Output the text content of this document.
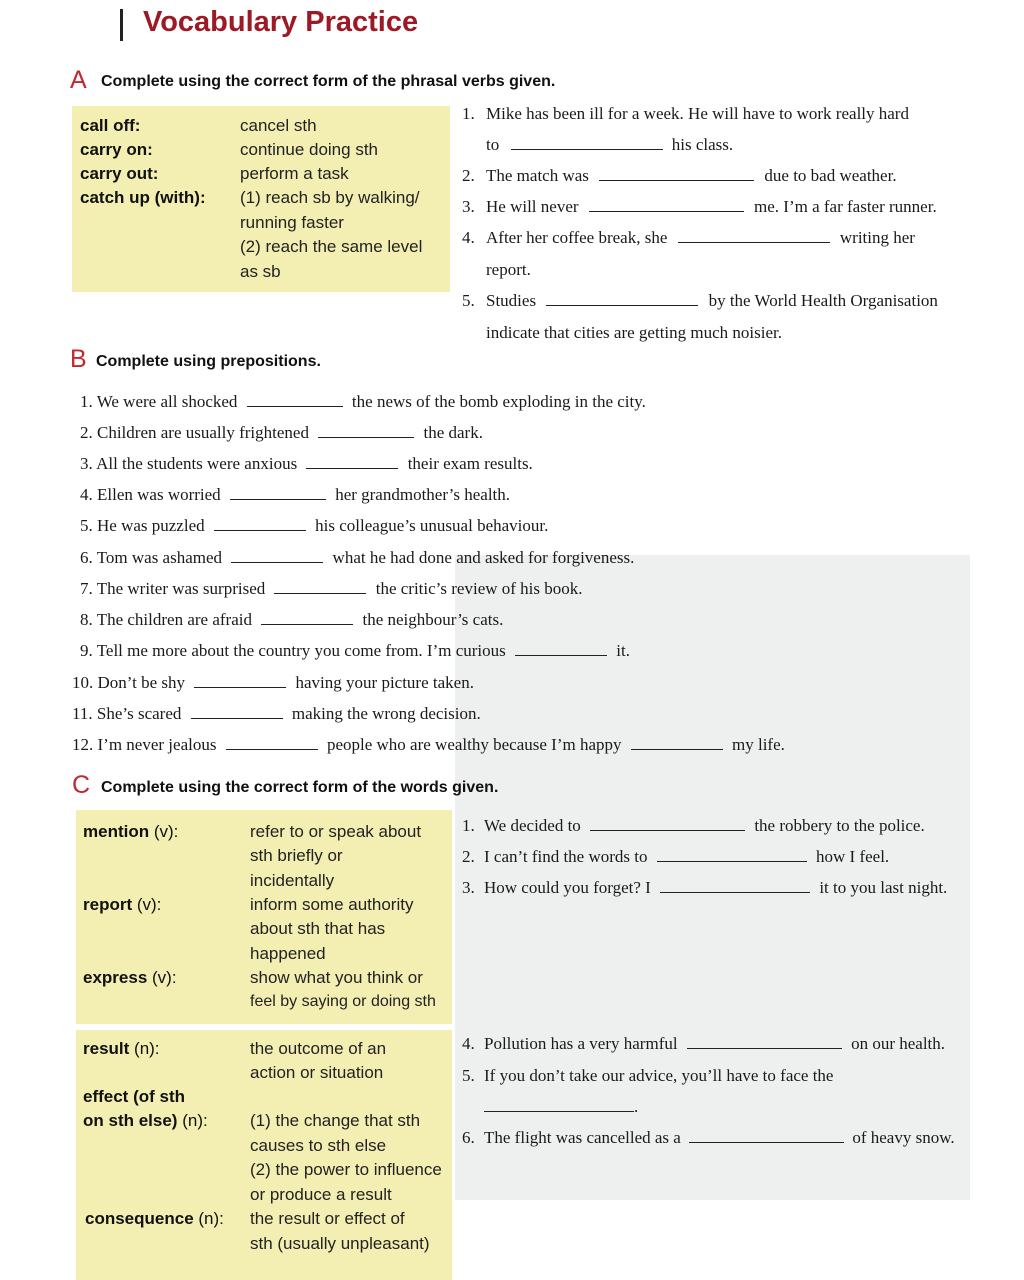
Vocabulary Practice
A Complete using the correct form of the phrasal verbs given.
call off:	cancel sth
carry on:	continue doing sth
carry out:	perform a task
catch up (with): (1) reach sb by walking/
running faster
(2) reach the same level
as sb
1. Mike has been ill for a week. He will have to work really hard
to	his class.
2. The match was	due to bad weather.
3. He will never	me. I’m a far faster runner.
4. After her coffee break, she	writing her
report.
5. Studies	by the World Health Organisation
indicate that cities are getting much noisier.
B Complete using prepositions.
1. We were all shocked	the news of the bomb exploding in the city.
2. Children are usually frightened	the dark.
3. All the students were anxious	their exam results.
4. Ellen was worried	her grandmother’s health.
5. He was puzzled	his colleague’s unusual behaviour.
6. Tom was ashamed	what he had done and asked for forgiveness.
7. The writer was surprised	the critic’s review of his book.
8. The children are afraid	the neighbour’s cats.
9. Tell me more about the country you come from. I’m curious	it.
10. Don’t be shy	having your picture taken.
11. She’s scared	making the wrong decision.
12. I’m never jealous	people who are wealthy because I’m happy	my life.
C Complete using the correct form of the words given.
mention (v):	refer to or speak about
sth briefly or
incidentally
report (v):	inform some authority
about sth that has
happened
express (v):	show what you think or
feel by saying or doing sth
result (n):	the outcome of an
action or situation
effect (of sth
on sth else) (n): (1) the change that sth
causes to sth else
(2) the power to influence
or produce a result
consequence (n): the result or effect of
sth (usually unpleasant)
1. We decided to	the robbery to the police.
2. I can’t find the words to	how I feel.
3. How could you forget? I	it to you last night.
4. Pollution has a very harmful	on our health.
5. If you don’t take our advice, you’ll have to face the
.
6. The flight was cancelled as a	of heavy snow.
